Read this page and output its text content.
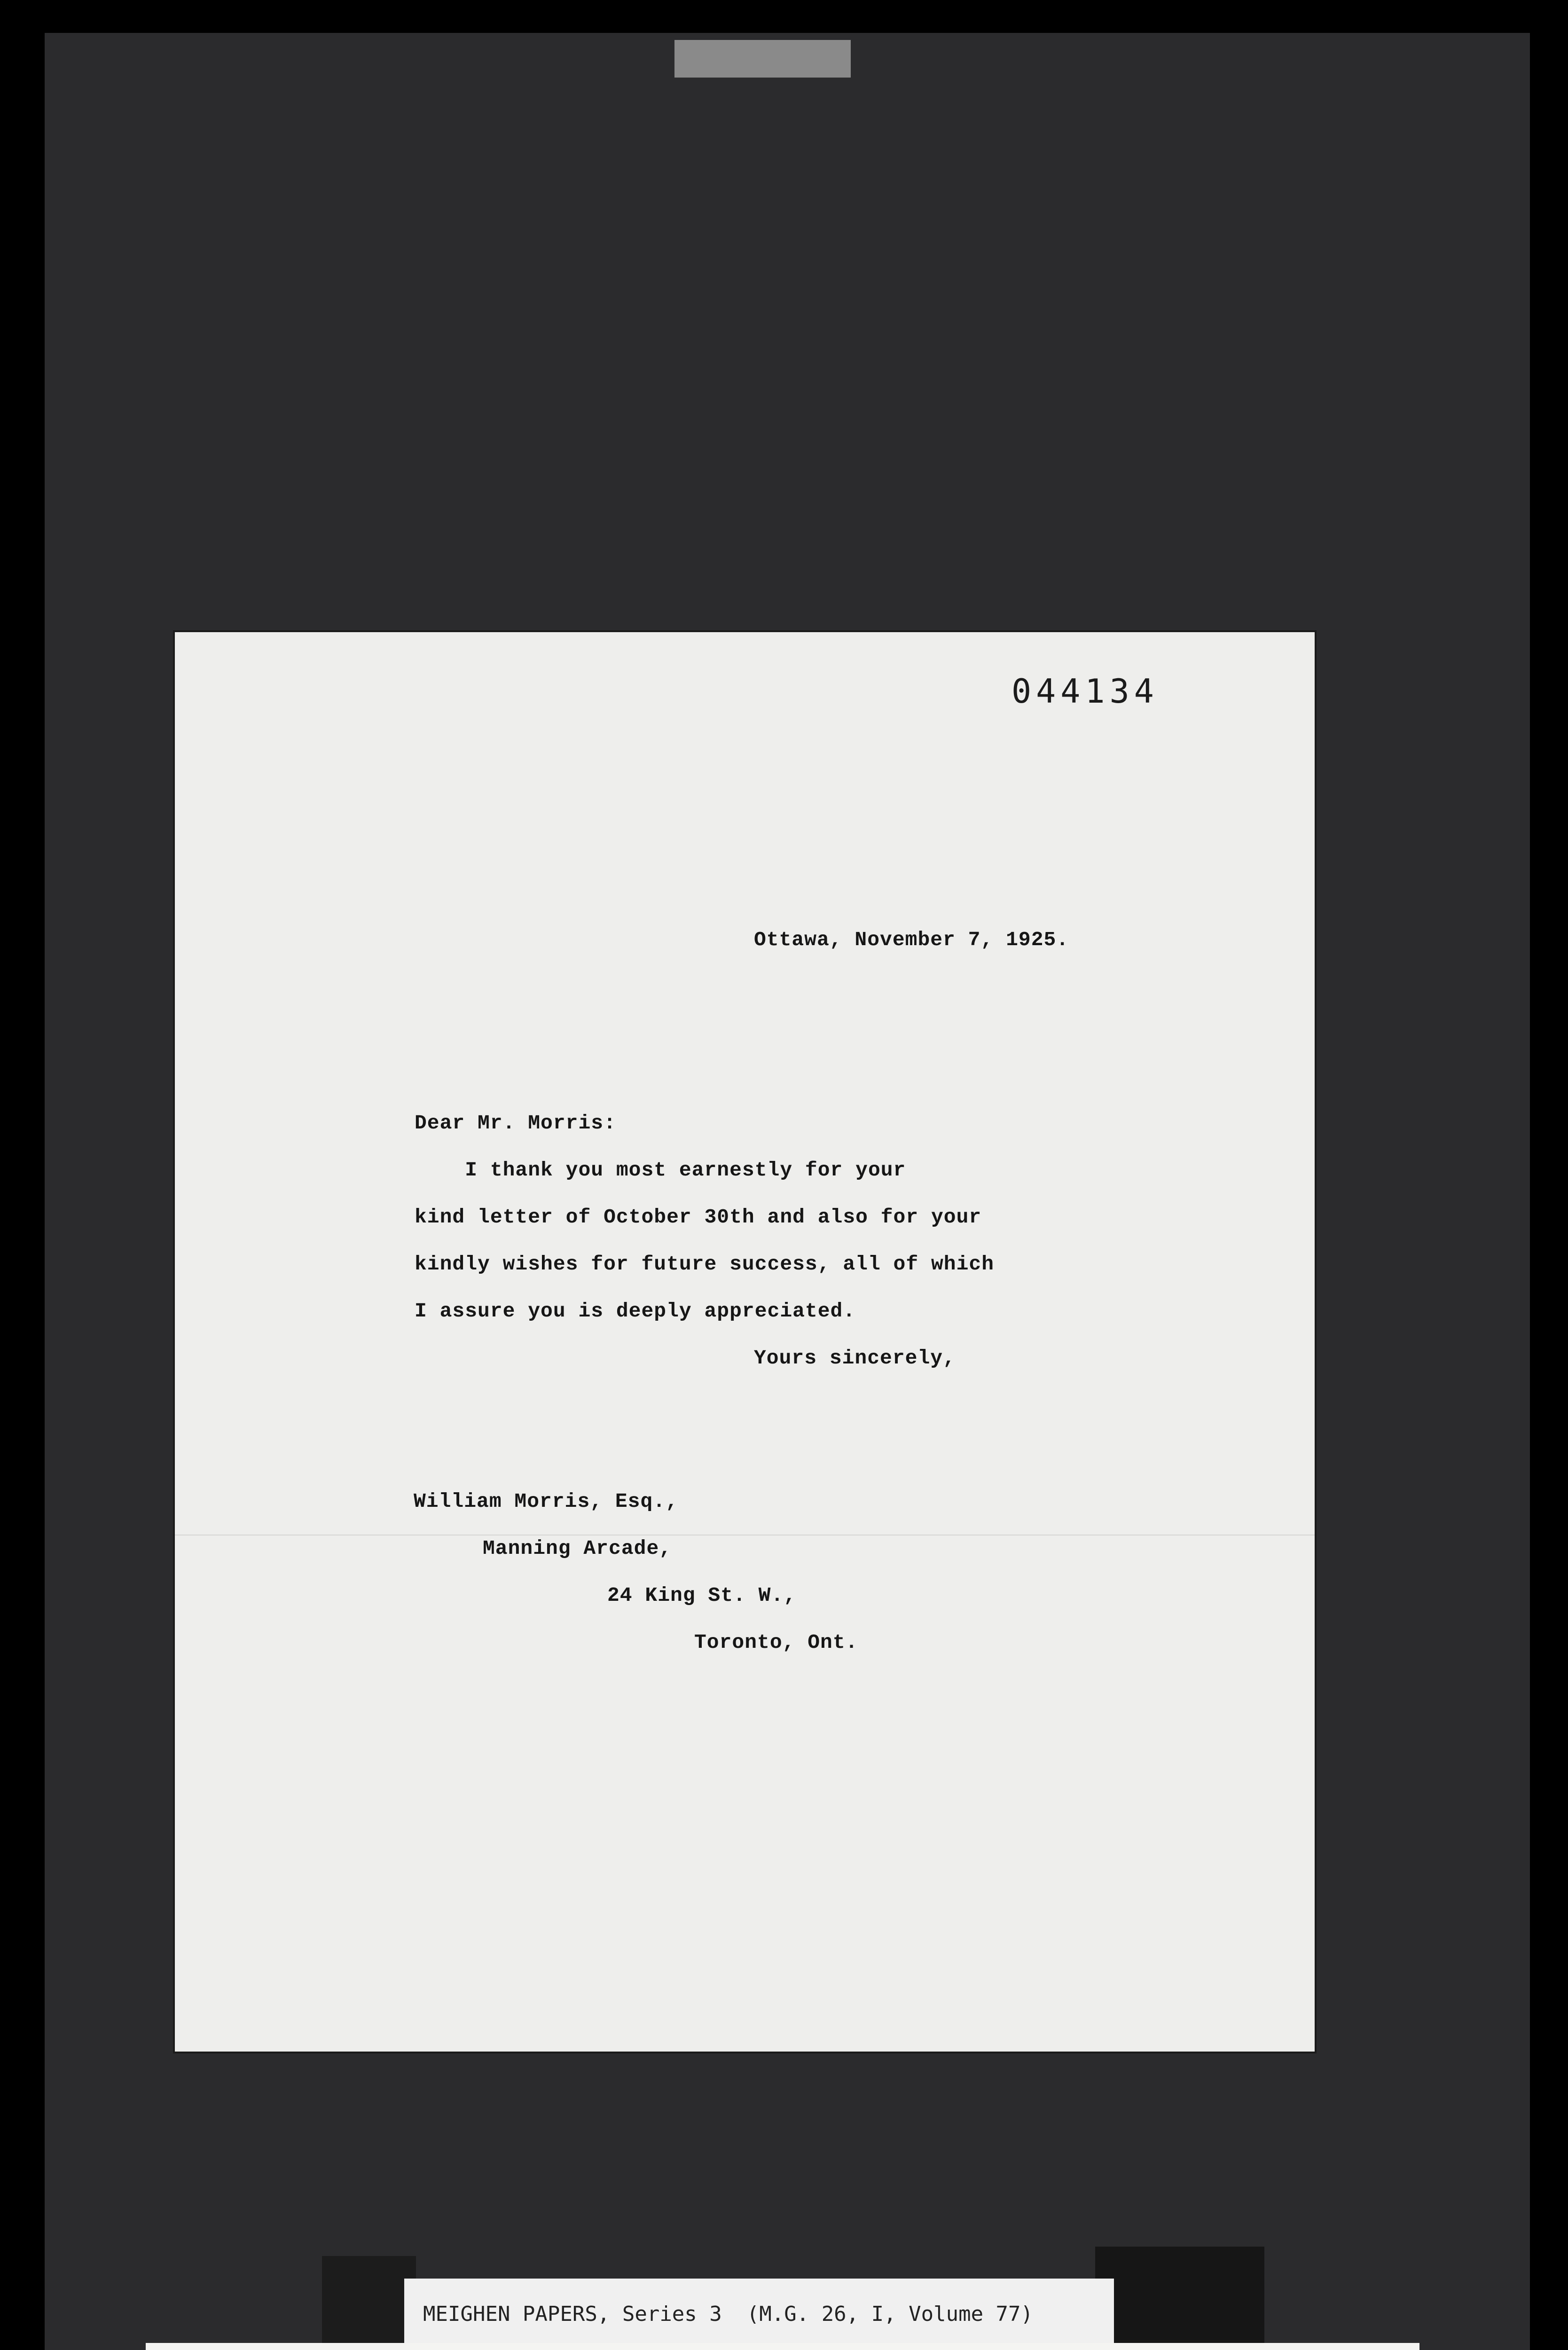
044134
Ottawa, November 7, 1925.
Dear Mr. Morris:
I thank you most earnestly for your
kind letter of October 30th and also for your
kindly wishes for future success, all of which
I assure you is deeply appreciated.
Yours sincerely,
William Morris, Esq.,
Manning Arcade,
24 King St. W.,
Toronto, Ont.
MEIGHEN PAPERS, Series 3  (M.G. 26, I, Volume 77)
